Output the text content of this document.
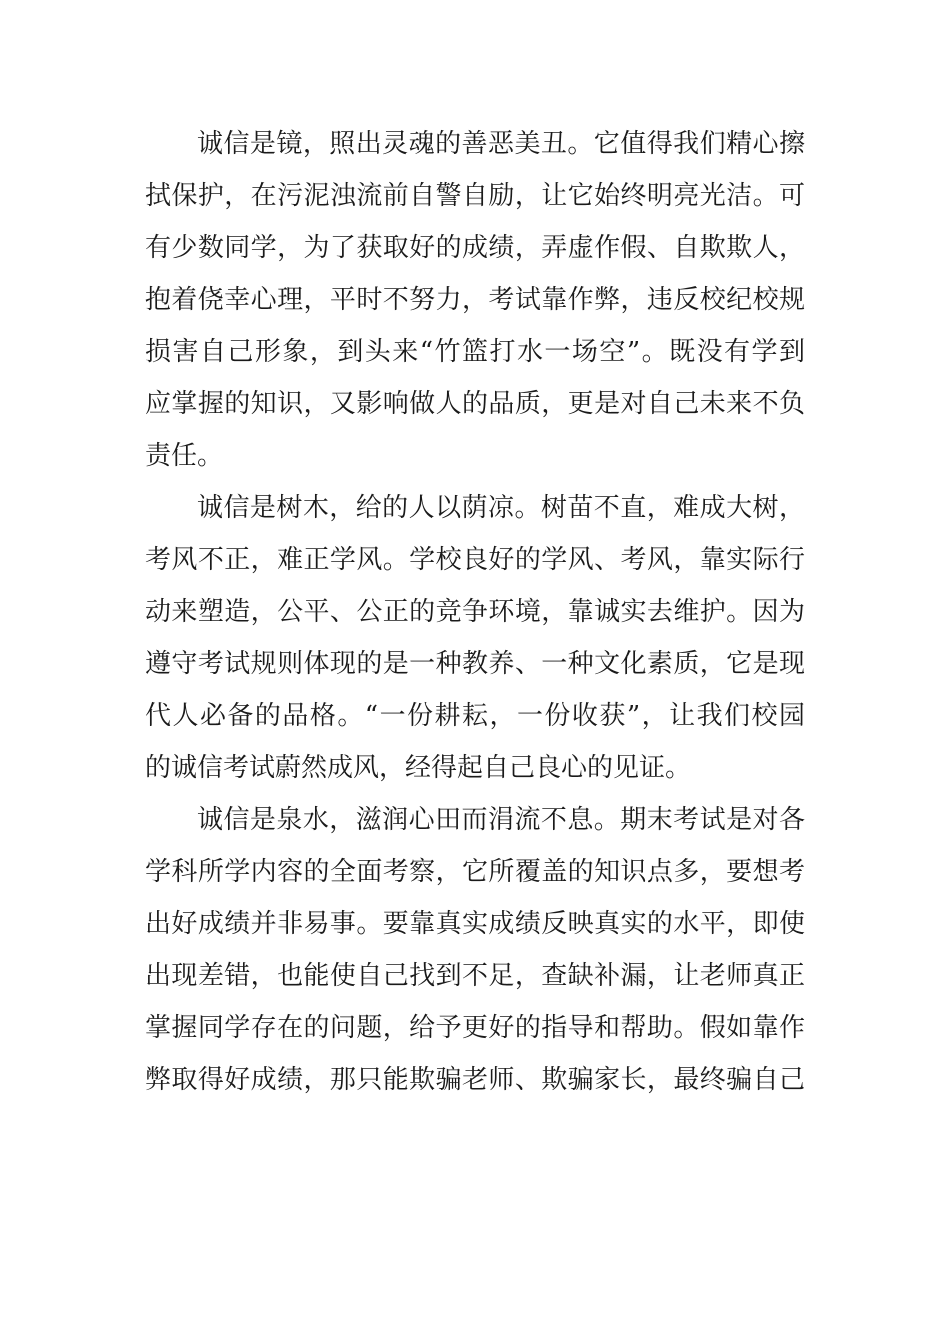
诚信是镜，照出灵魂的善恶美丑。它值得我们精心擦
拭保护，在污泥浊流前自警自励，让它始终明亮光洁。可
有少数同学，为了获取好的成绩，弄虚作假、自欺欺人，
抱着侥幸心理，平时不努力，考试靠作弊，违反校纪校规
损害自己形象，到头来“竹篮打水一场空”。既没有学到
应掌握的知识，又影响做人的品质，更是对自己未来不负
责任。
诚信是树木，给的人以荫凉。树苗不直，难成大树，
考风不正，难正学风。学校良好的学风、考风，靠实际行
动来塑造，公平、公正的竞争环境，靠诚实去维护。因为
遵守考试规则体现的是一种教养、一种文化素质，它是现
代人必备的品格。“一份耕耘，一份收获”，让我们校园
的诚信考试蔚然成风，经得起自己良心的见证。
诚信是泉水，滋润心田而涓流不息。期末考试是对各
学科所学内容的全面考察，它所覆盖的知识点多，要想考
出好成绩并非易事。要靠真实成绩反映真实的水平，即使
出现差错，也能使自己找到不足，查缺补漏，让老师真正
掌握同学存在的问题，给予更好的指导和帮助。假如靠作
弊取得好成绩，那只能欺骗老师、欺骗家长，最终骗自己
